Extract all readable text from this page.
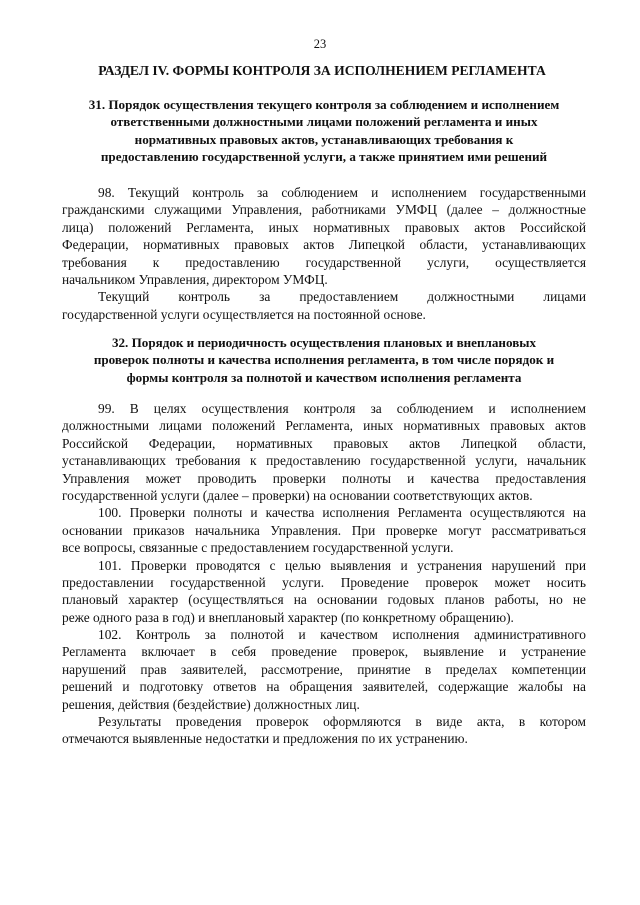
23
РАЗДЕЛ IV. ФОРМЫ КОНТРОЛЯ ЗА ИСПОЛНЕНИЕМ РЕГЛАМЕНТА
31. Порядок осуществления текущего контроля за соблюдением и исполнением
ответственными должностными лицами положений регламента и иных
нормативных правовых актов, устанавливающих требования к
предоставлению государственной услуги, а также принятием ими решений
98. Текущий контроль за соблюдением и исполнением государственными
гражданскими служащими Управления, работниками УМФЦ (далее – должностные
лица) положений Регламента, иных нормативных правовых актов Российской
Федерации, нормативных правовых актов Липецкой области, устанавливающих
требования к предоставлению государственной услуги, осуществляется
начальником Управления, директором УМФЦ.
Текущий контроль за предоставлением должностными лицами
государственной услуги осуществляется на постоянной основе.
32. Порядок и периодичность осуществления плановых и внеплановых
проверок полноты и качества исполнения регламента, в том числе порядок и
формы контроля за полнотой и качеством исполнения регламента
99. В целях осуществления контроля за соблюдением и исполнением
должностными лицами положений Регламента, иных нормативных правовых актов
Российской Федерации, нормативных правовых актов Липецкой области,
устанавливающих требования к предоставлению государственной услуги, начальник
Управления может проводить проверки полноты и качества предоставления
государственной услуги (далее – проверки) на основании соответствующих актов.
100. Проверки полноты и качества исполнения Регламента осуществляются на
основании приказов начальника Управления. При проверке могут рассматриваться
все вопросы, связанные с предоставлением государственной услуги.
101. Проверки проводятся с целью выявления и устранения нарушений при
предоставлении государственной услуги. Проведение проверок может носить
плановый характер (осуществляться на основании годовых планов работы, но не
реже одного раза в год) и внеплановый характер (по конкретному обращению).
102. Контроль за полнотой и качеством исполнения административного
Регламента включает в себя проведение проверок, выявление и устранение
нарушений прав заявителей, рассмотрение, принятие в пределах компетенции
решений и подготовку ответов на обращения заявителей, содержащие жалобы на
решения, действия (бездействие) должностных лиц.
Результаты проведения проверок оформляются в виде акта, в котором
отмечаются выявленные недостатки и предложения по их устранению.
